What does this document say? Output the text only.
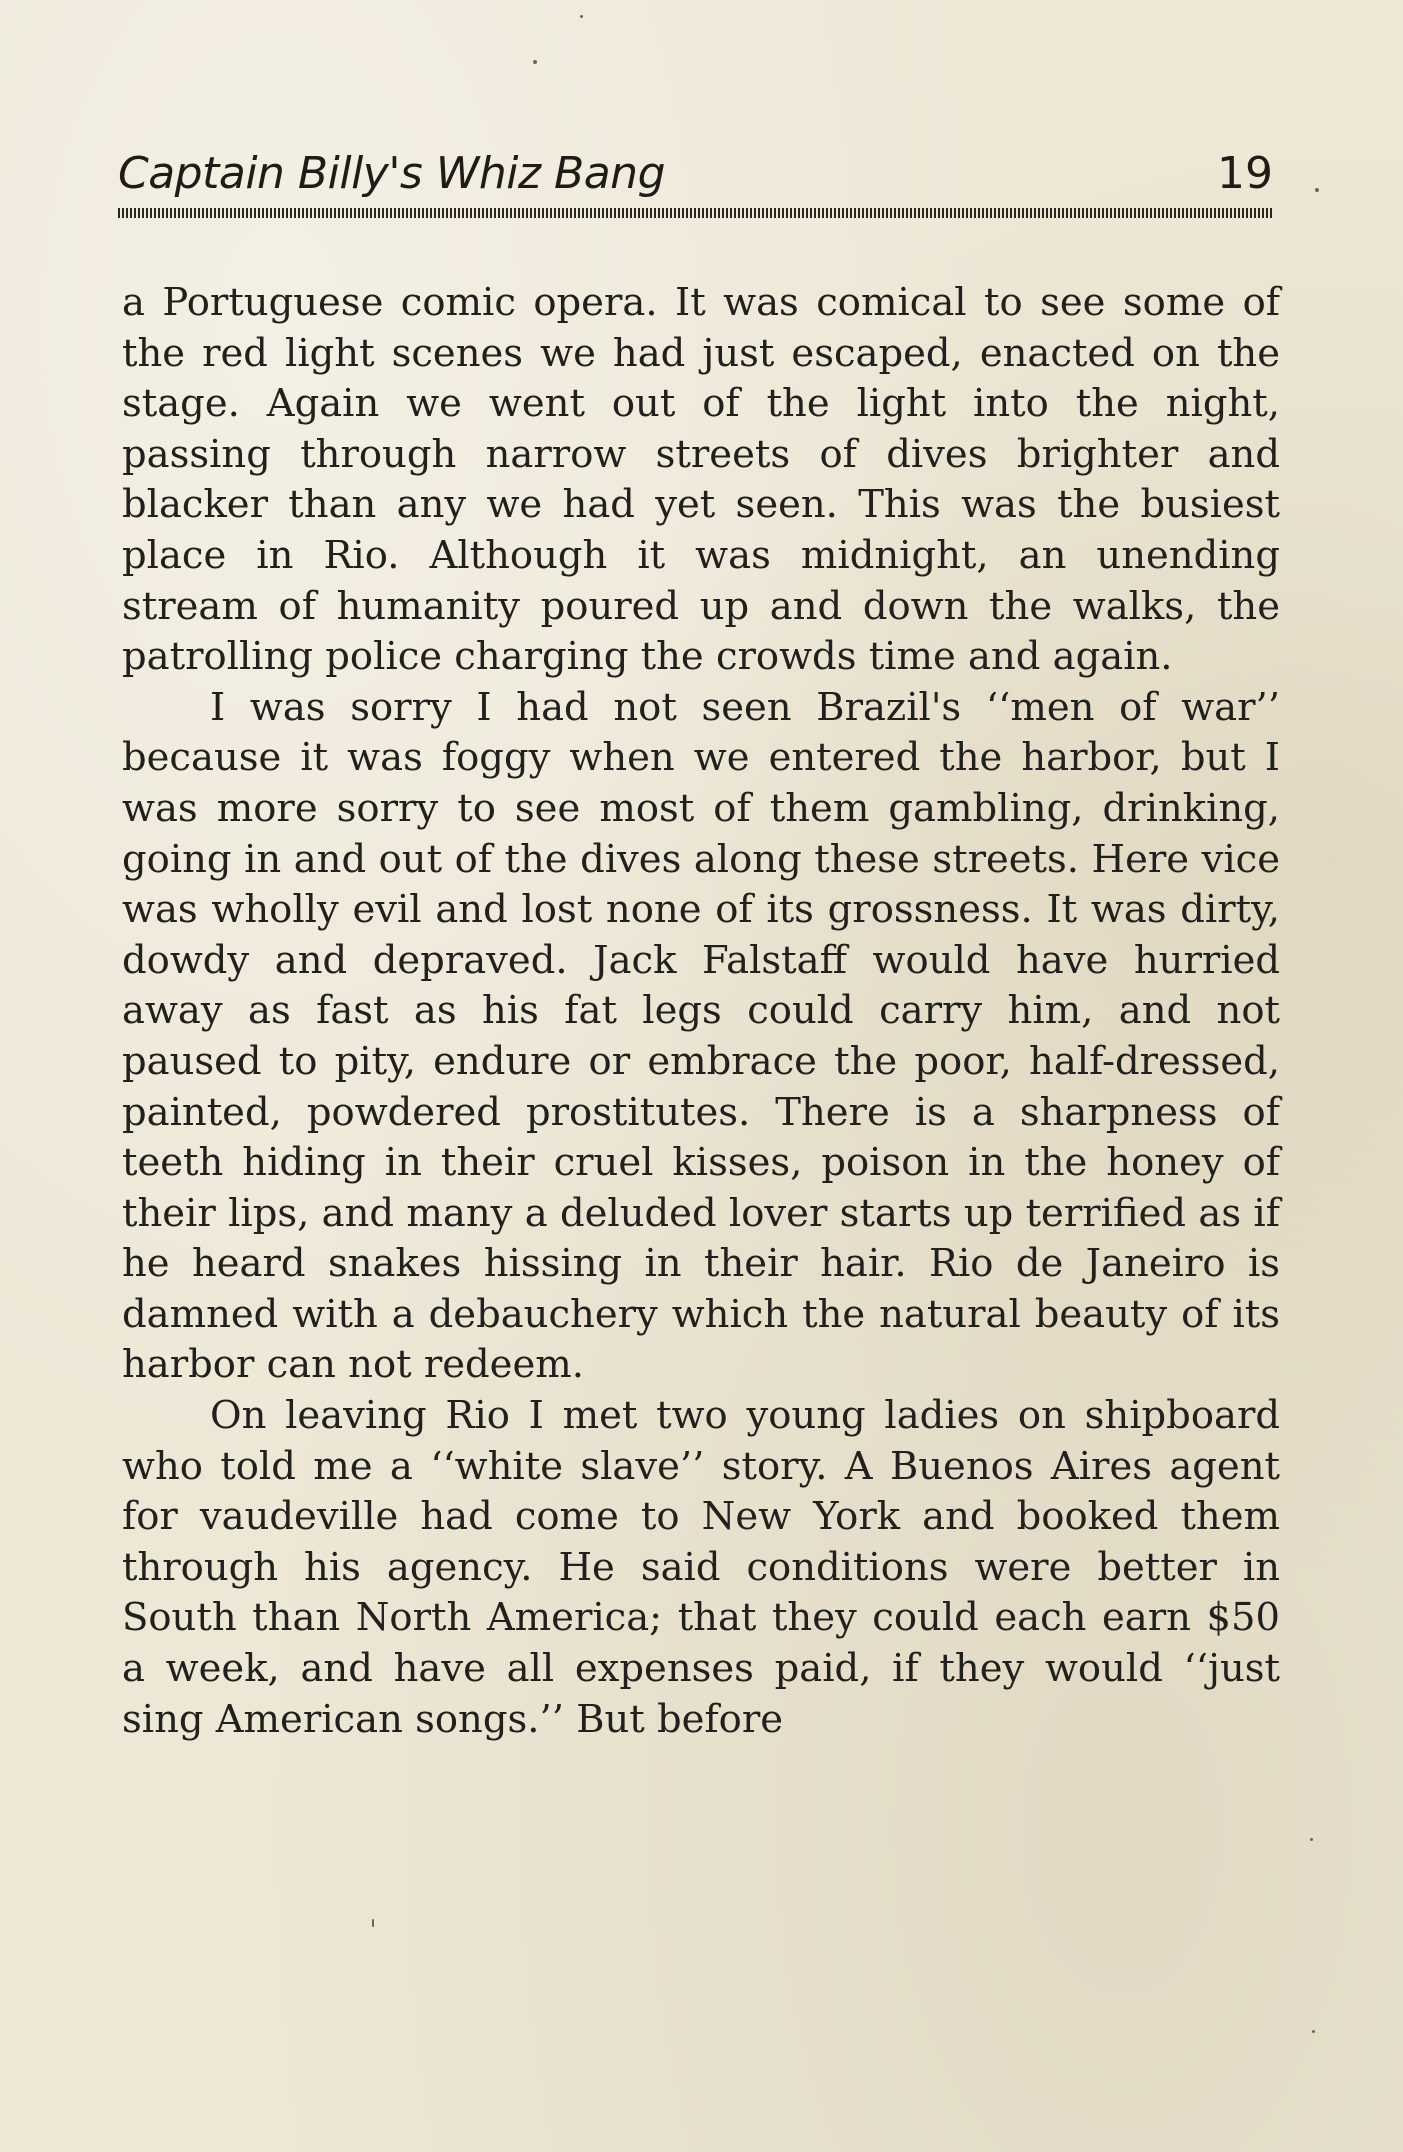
Captain Billy's Whiz Bang	19

a Portuguese comic opera. It was comical to see some of the red light scenes we had just escaped, enacted on the stage. Again we went out of the light into the night, passing through narrow streets of dives brighter and blacker than any we had yet seen. This was the busiest place in Rio. Although it was midnight, an unending stream of humanity poured up and down the walks, the patrolling police charging the crowds time and again.

I was sorry I had not seen Brazil's ‘‘men of war’’ because it was foggy when we entered the harbor, but I was more sorry to see most of them gambling, drinking, going in and out of the dives along these streets. Here vice was wholly evil and lost none of its grossness. It was dirty, dowdy and depraved. Jack Falstaff would have hurried away as fast as his fat legs could carry him, and not paused to pity, endure or embrace the poor, half-dressed, painted, powdered prostitutes. There is a sharpness of teeth hiding in their cruel kisses, poison in the honey of their lips, and many a deluded lover starts up terrified as if he heard snakes hissing in their hair. Rio de Janeiro is damned with a debauchery which the natural beauty of its harbor can not redeem.

On leaving Rio I met two young ladies on shipboard who told me a ‘‘white slave’’ story. A Buenos Aires agent for vaudeville had come to New York and booked them through his agency. He said conditions were better in South than North America; that they could each earn $50 a week, and have all expenses paid, if they would ‘‘just sing American songs.’’ But before
